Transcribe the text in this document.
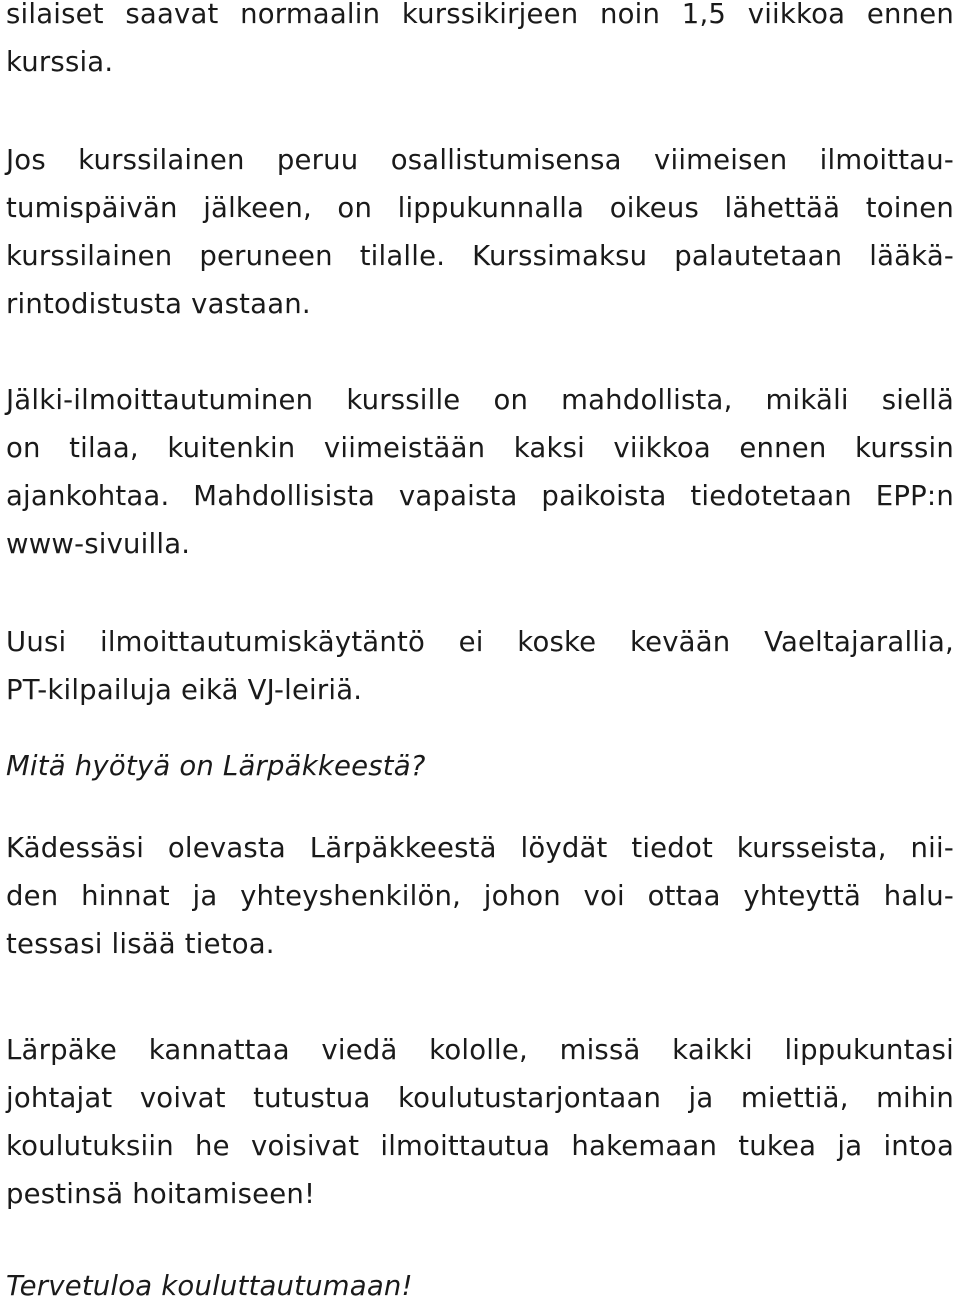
silaiset saavat normaalin kurssikirjeen noin 1,5 viikkoa ennen
kurssia.
Jos kurssilainen peruu osallistumisensa viimeisen ilmoittau-
tumispäivän jälkeen, on lippukunnalla oikeus lähettää toinen
kurssilainen peruneen tilalle. Kurssimaksu palautetaan lääkä-
rintodistusta vastaan.
Jälki-ilmoittautuminen kurssille on mahdollista, mikäli siellä
on tilaa, kuitenkin viimeistään kaksi viikkoa ennen kurssin
ajankohtaa. Mahdollisista vapaista paikoista tiedotetaan EPP:n
www-sivuilla.
Uusi ilmoittautumiskäytäntö ei koske kevään Vaeltajarallia,
PT-kilpailuja eikä VJ-leiriä.
Mitä hyötyä on Lärpäkkeestä?
Kädessäsi olevasta Lärpäkkeestä löydät tiedot kursseista, nii-
den hinnat ja yhteyshenkilön, johon voi ottaa yhteyttä halu-
tessasi lisää tietoa.
Lärpäke kannattaa viedä kololle, missä kaikki lippukuntasi
johtajat voivat tutustua koulutustarjontaan ja miettiä, mihin
koulutuksiin he voisivat ilmoittautua hakemaan tukea ja intoa
pestinsä hoitamiseen!
Tervetuloa kouluttautumaan!
